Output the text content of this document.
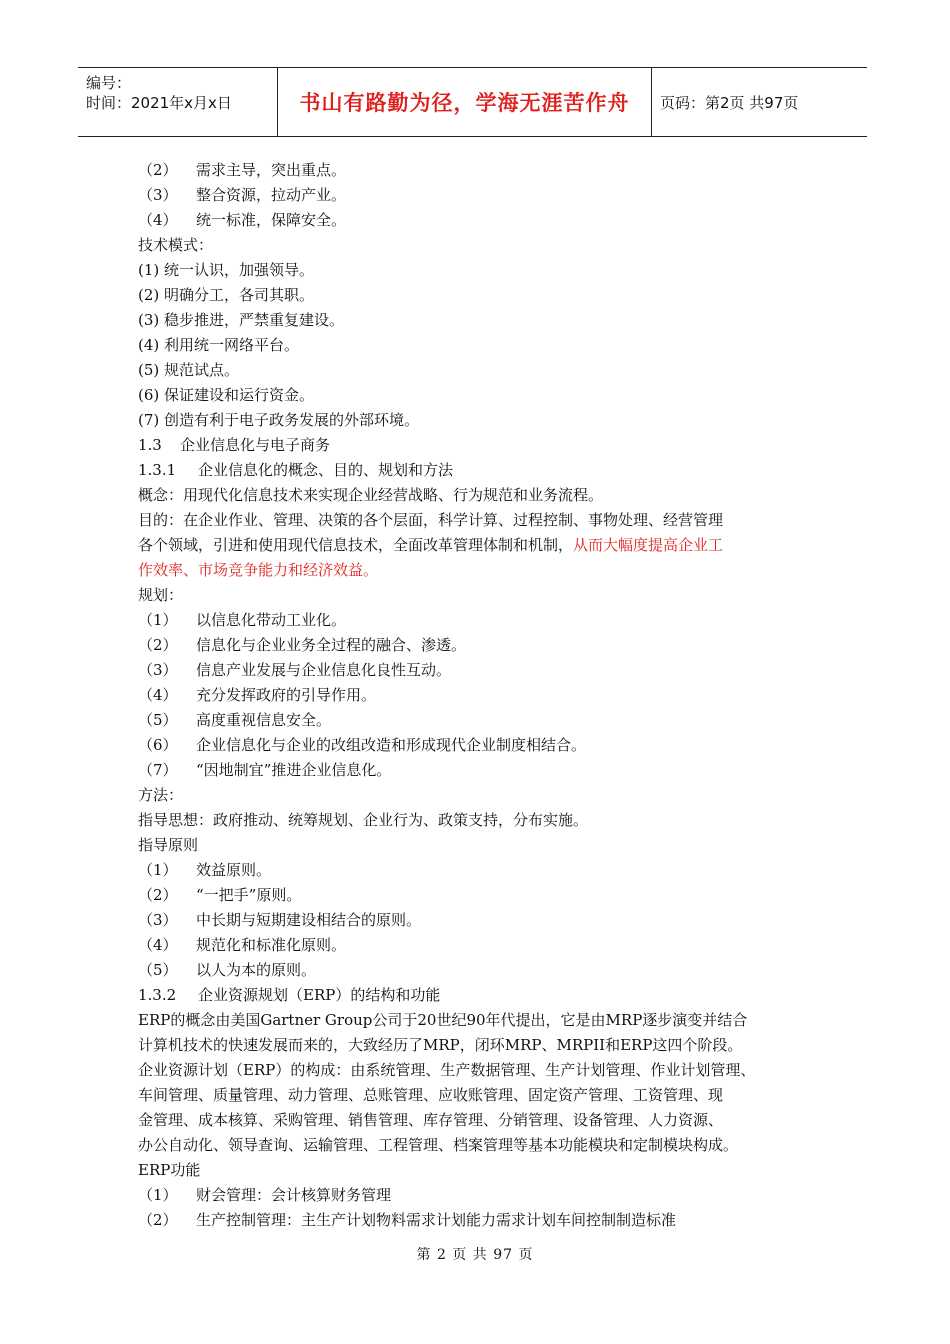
编号：
时间：2021年x月x日	书山有路勤为径，学海无涯苦作舟	页码：第2页 共97页
（2） 需求主导，突出重点。
（3） 整合资源，拉动产业。
（4） 统一标准，保障安全。
技术模式：
(1) 统一认识，加强领导。
(2) 明确分工，各司其职。
(3) 稳步推进，严禁重复建设。
(4) 利用统一网络平台。
(5) 规范试点。
(6) 保证建设和运行资金。
(7) 创造有利于电子政务发展的外部环境。
1.3 企业信息化与电子商务
1.3.1 企业信息化的概念、目的、规划和方法
概念：用现代化信息技术来实现企业经营战略、行为规范和业务流程。
目的：在企业作业、管理、决策的各个层面，科学计算、过程控制、事物处理、经营管理
各个领域，引进和使用现代信息技术，全面改革管理体制和机制，从而大幅度提高企业工
作效率、市场竞争能力和经济效益。
规划：
（1） 以信息化带动工业化。
（2） 信息化与企业业务全过程的融合、渗透。
（3） 信息产业发展与企业信息化良性互动。
（4） 充分发挥政府的引导作用。
（5） 高度重视信息安全。
（6） 企业信息化与企业的改组改造和形成现代企业制度相结合。
（7） “因地制宜”推进企业信息化。
方法：
指导思想：政府推动、统筹规划、企业行为、政策支持，分布实施。
指导原则
（1） 效益原则。
（2） “一把手”原则。
（3） 中长期与短期建设相结合的原则。
（4） 规范化和标准化原则。
（5） 以人为本的原则。
1.3.2 企业资源规划（ERP）的结构和功能
ERP的概念由美国Gartner Group公司于20世纪90年代提出，它是由MRP逐步演变并结合
计算机技术的快速发展而来的，大致经历了MRP，闭环MRP、MRPII和ERP这四个阶段。
企业资源计划（ERP）的构成：由系统管理、生产数据管理、生产计划管理、作业计划管理、
车间管理、质量管理、动力管理、总账管理、应收账管理、固定资产管理、工资管理、现
金管理、成本核算、采购管理、销售管理、库存管理、分销管理、设备管理、人力资源、
办公自动化、领导查询、运输管理、工程管理、档案管理等基本功能模块和定制模块构成。
ERP功能
（1） 财会管理：会计核算财务管理
（2） 生产控制管理：主生产计划物料需求计划能力需求计划车间控制制造标准
第 2 页 共 97 页
